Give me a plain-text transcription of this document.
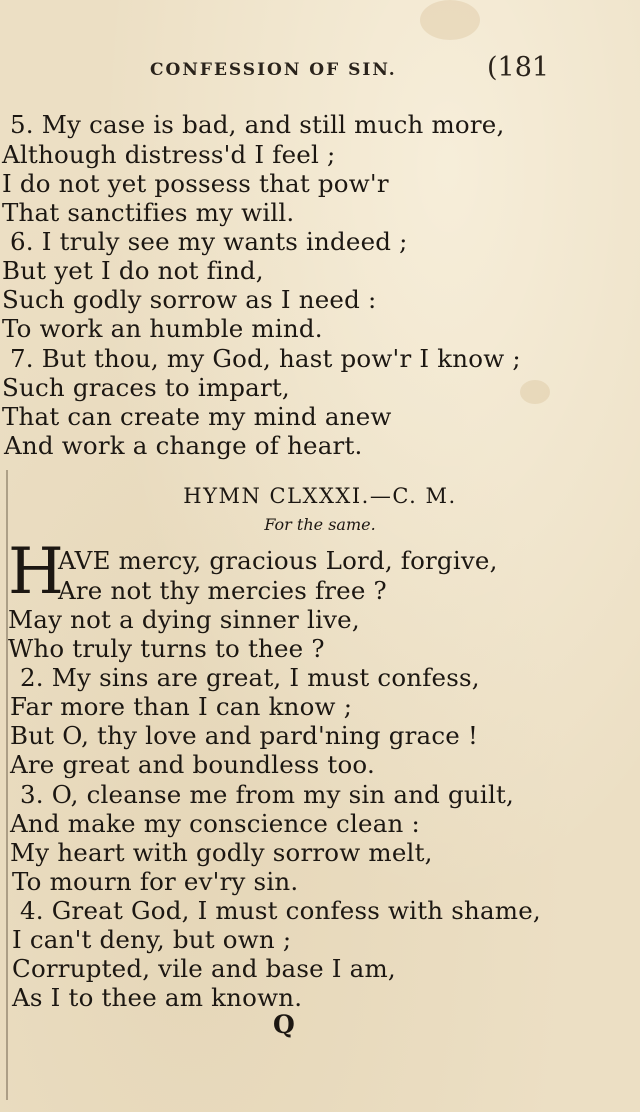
CONFESSION OF SIN.	(181
5. My case is bad, and still much more,
Although distress'd I feel ;
I do not yet possess that pow'r
That sanctifies my will.
6. I truly see my wants indeed ;
But yet I do not find,
Such godly sorrow as I need :
To work an humble mind.
7. But thou, my God, hast pow'r I know ;
Such graces to impart,
That can create my mind anew
And work a change of heart.
HYMN CLXXXI.—C. M.
For the same.
H
AVE mercy, gracious Lord, forgive,
Are not thy mercies free ?
May not a dying sinner live,
Who truly turns to thee ?
2. My sins are great, I must confess,
Far more than I can know ;
But O, thy love and pard'ning grace !
Are great and boundless too.
3. O, cleanse me from my sin and guilt,
And make my conscience clean :
My heart with godly sorrow melt,
To mourn for ev'ry sin.
4. Great God, I must confess with shame,
I can't deny, but own ;
Corrupted, vile and base I am,
As I to thee am known.
Q
